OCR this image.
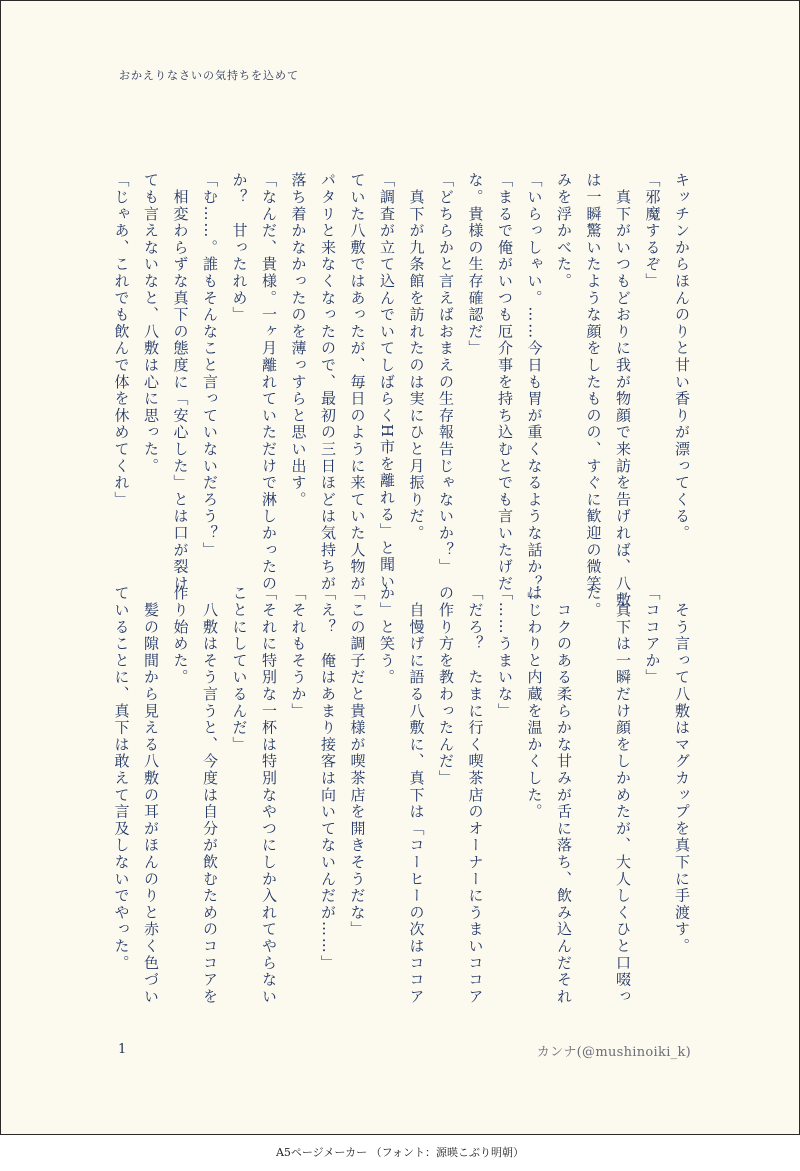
おかえりなさいの気持ちを込めて

キッチンからほんのりと甘い香りが漂ってくる。

「邪魔するぞ」

　真下がいつもどおりに我が物顔で来訪を告げれば、八敷

は一瞬驚いたような顔をしたものの、すぐに歓迎の微笑

みを浮かべた。

「いらっしゃい。……今日も胃が重くなるような話か？」

「まるで俺がいつも厄介事を持ち込むとでも言いたげだ

な。貴様の生存確認だ」

「どちらかと言えばおまえの生存報告じゃないか？」

　真下が九条館を訪れたのは実にひと月振りだ。

「調査が立て込んでいてしばらくH市を離れる」と聞い

ていた八敷ではあったが、毎日のように来ていた人物が

パタリと来なくなったので、最初の三日ほどは気持ちが

落ち着かなかったのを薄っすらと思い出す。

「なんだ、貴様。一ヶ月離れていただけで淋しかったの

か？　甘ったれめ」

「む……。誰もそんなこと言っていないだろう？」

　相変わらずな真下の態度に「安心した」とは口が裂け

ても言えないなと、八敷は心に思った。

「じゃあ、これでも飲んで体を休めてくれ」

　そう言って八敷はマグカップを真下に手渡す。

「ココアか」

　真下は一瞬だけ顔をしかめたが、大人しくひと口啜っ

た。

　コクのある柔らかな甘みが舌に落ち、飲み込んだそれ

はじわりと内蔵を温かくした。

「……うまいな」

「だろ？　たまに行く喫茶店のオーナーにうまいココア

の作り方を教わったんだ」

　自慢げに語る八敷に、真下は「コーヒーの次はココア

か」と笑う。

「この調子だと貴様が喫茶店を開きそうだな」

「え？　俺はあまり接客は向いてないんだが……」

「それもそうか」

「それに特別な一杯は特別なやつにしか入れてやらない

ことにしているんだ」

　八敷はそう言うと、今度は自分が飲むためのココアを

作り始めた。

　髪の隙間から見える八敷の耳がほんのりと赤く色づい

ていることに、真下は敢えて言及しないでやった。

1	カンナ(@mushinoiki_k)
A5ページメーカー （フォント：源暎こぶり明朝）
